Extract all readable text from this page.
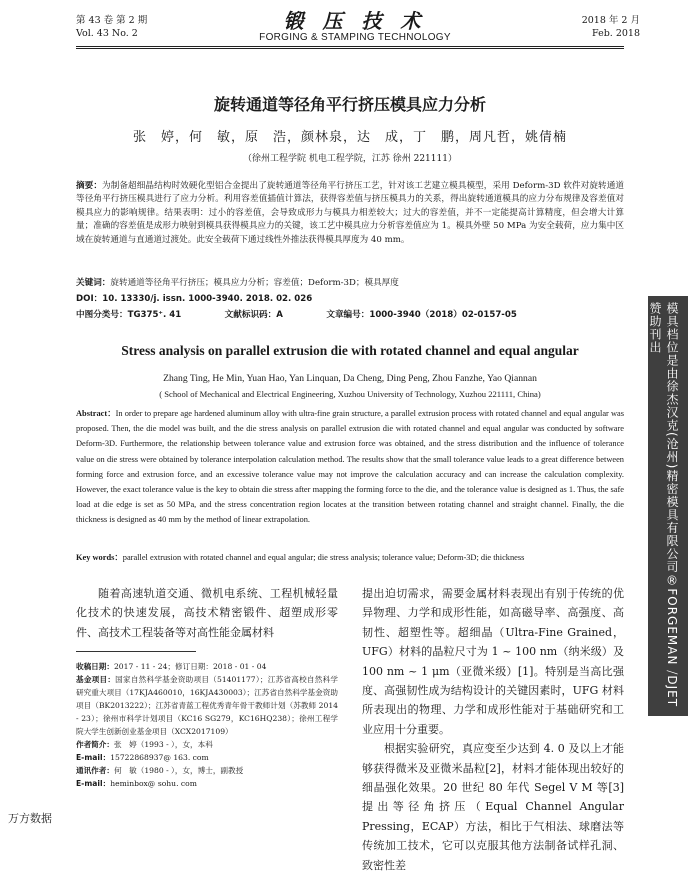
第 43 卷 第 2 期
Vol. 43 No. 2
锻 压 技 术
FORGING & STAMPING TECHNOLOGY
2018 年 2 月
Feb. 2018
旋转通道等径角平行挤压模具应力分析
张　婷，何　敏，原　浩，颜林泉，达　成，丁　鹏，周凡哲，姚倩楠
（徐州工程学院 机电工程学院，江苏 徐州 221111）
摘要：为制备超细晶结构时效硬化型铝合金提出了旋转通道等径角平行挤压工艺，针对该工艺建立模具模型，采用 Deform-3D 软件对旋转通道等径角平行挤压模具进行了应力分析。利用容差值插值计算法，获得容差值与挤压模具力的关系，得出旋转通道模具的应力分布规律及容差值对模具应力的影响规律。结果表明：过小的容差值，会导致成形力与模具力相差较大；过大的容差值，并不一定能提高计算精度，但会增大计算量；准确的容差值是成形力映射到模具获得模具应力的关键，该工艺中模具应力分析容差值应为 1。模具外壁 50 MPa 为安全载荷，应力集中区域在旋转通道与直通道过渡处。此安全载荷下通过线性外推法获得模具厚度为 40 mm。
关键词：旋转通道等径角平行挤压；模具应力分析；容差值；Deform-3D；模具厚度
DOI：10. 13330/j. issn. 1000-3940. 2018. 02. 026
中图分类号：TG375⁺. 41	文献标识码：A	文章编号：1000-3940（2018）02-0157-05
Stress analysis on parallel extrusion die with rotated channel and equal angular
Zhang Ting, He Min, Yuan Hao, Yan Linquan, Da Cheng, Ding Peng, Zhou Fanzhe, Yao Qiannan
( School of Mechanical and Electrical Engineering, Xuzhou University of Technology, Xuzhou 221111, China)
Abstract：In order to prepare age hardened aluminum alloy with ultra-fine grain structure, a parallel extrusion process with rotated channel and equal angular was proposed. Then, the die model was built, and the die stress analysis on parallel extrusion die with rotated channel and equal angular was conducted by software Deform-3D. Furthermore, the relationship between tolerance value and extrusion force was obtained, and the stress distribution and the influence of tolerance value on die stress were obtained by tolerance interpolation calculation method. The results show that the small tolerance value leads to a great difference between forming force and extrusion force, and an excessive tolerance value may not improve the calculation accuracy and can increase the calculation complexity. However, the exact tolerance value is the key to obtain die stress after mapping the forming force to the die, and the tolerance value is designed as 1. Thus, the safe load at die edge is set as 50 MPa, and the stress concentration region locates at the transition between rotating channel and straight channel. Finally, the die thickness is designed as 40 mm by the method of linear extrapolation.
Key words：parallel extrusion with rotated channel and equal angular; die stress analysis; tolerance value; Deform-3D; die thickness
随着高速轨道交通、微机电系统、工程机械轻量化技术的快速发展，高技术精密锻件、超塑成形零件、高技术工程装备等对高性能金属材料
提出迫切需求，需要金属材料表现出有别于传统的优异物理、力学和成形性能，如高磁导率、高强度、高韧性、超塑性等。超细晶（Ultra-Fine Grained，UFG）材料的晶粒尺寸为 1 ~ 100 nm（纳米级）及 100 nm ~ 1 μm（亚微米级）[1]。特别是当高比强度、高强韧性成为结构设计的关键因素时，UFG 材料所表现出的物理、力学和成形性能对于基础研究和工业应用十分重要。
根据实验研究，真应变至少达到 4. 0 及以上才能够获得微米及亚微米晶粒[2]，材料才能体现出较好的细晶强化效果。20 世纪 80 年代 Segel V M 等[3] 提出等径角挤压（Equal Channel Angular Pressing，ECAP）方法，相比于气相法、球磨法等传统加工技术，它可以克服其他方法制备试样孔洞、致密性差
收稿日期：2017 - 11 - 24；修订日期：2018 - 01 - 04
基金项目：国家自然科学基金资助项目（51401177）；江苏省高校自然科学研究重大项目（17KJA460010，16KJA430003）；江苏省自然科学基金资助项目（BK2013222）；江苏省青蓝工程优秀青年骨干教师计划（苏教师 2014 - 23）；徐州市科学计划项目（KC16 SG279，KC16HQ238）；徐州工程学院大学生创新创业基金项目（XCX2017109）
作者简介：张　婷（1993 - ），女，本科
E-mail：15722868937@ 163. com
通讯作者：何　敏（1980 - ），女，博士，副教授
E-mail：heminbox@ sohu. com
模具档位是由徐杰汉克(沧州)精密模具有限公司®FORGEMAN ⧸DJET赞助刊出
万方数据
